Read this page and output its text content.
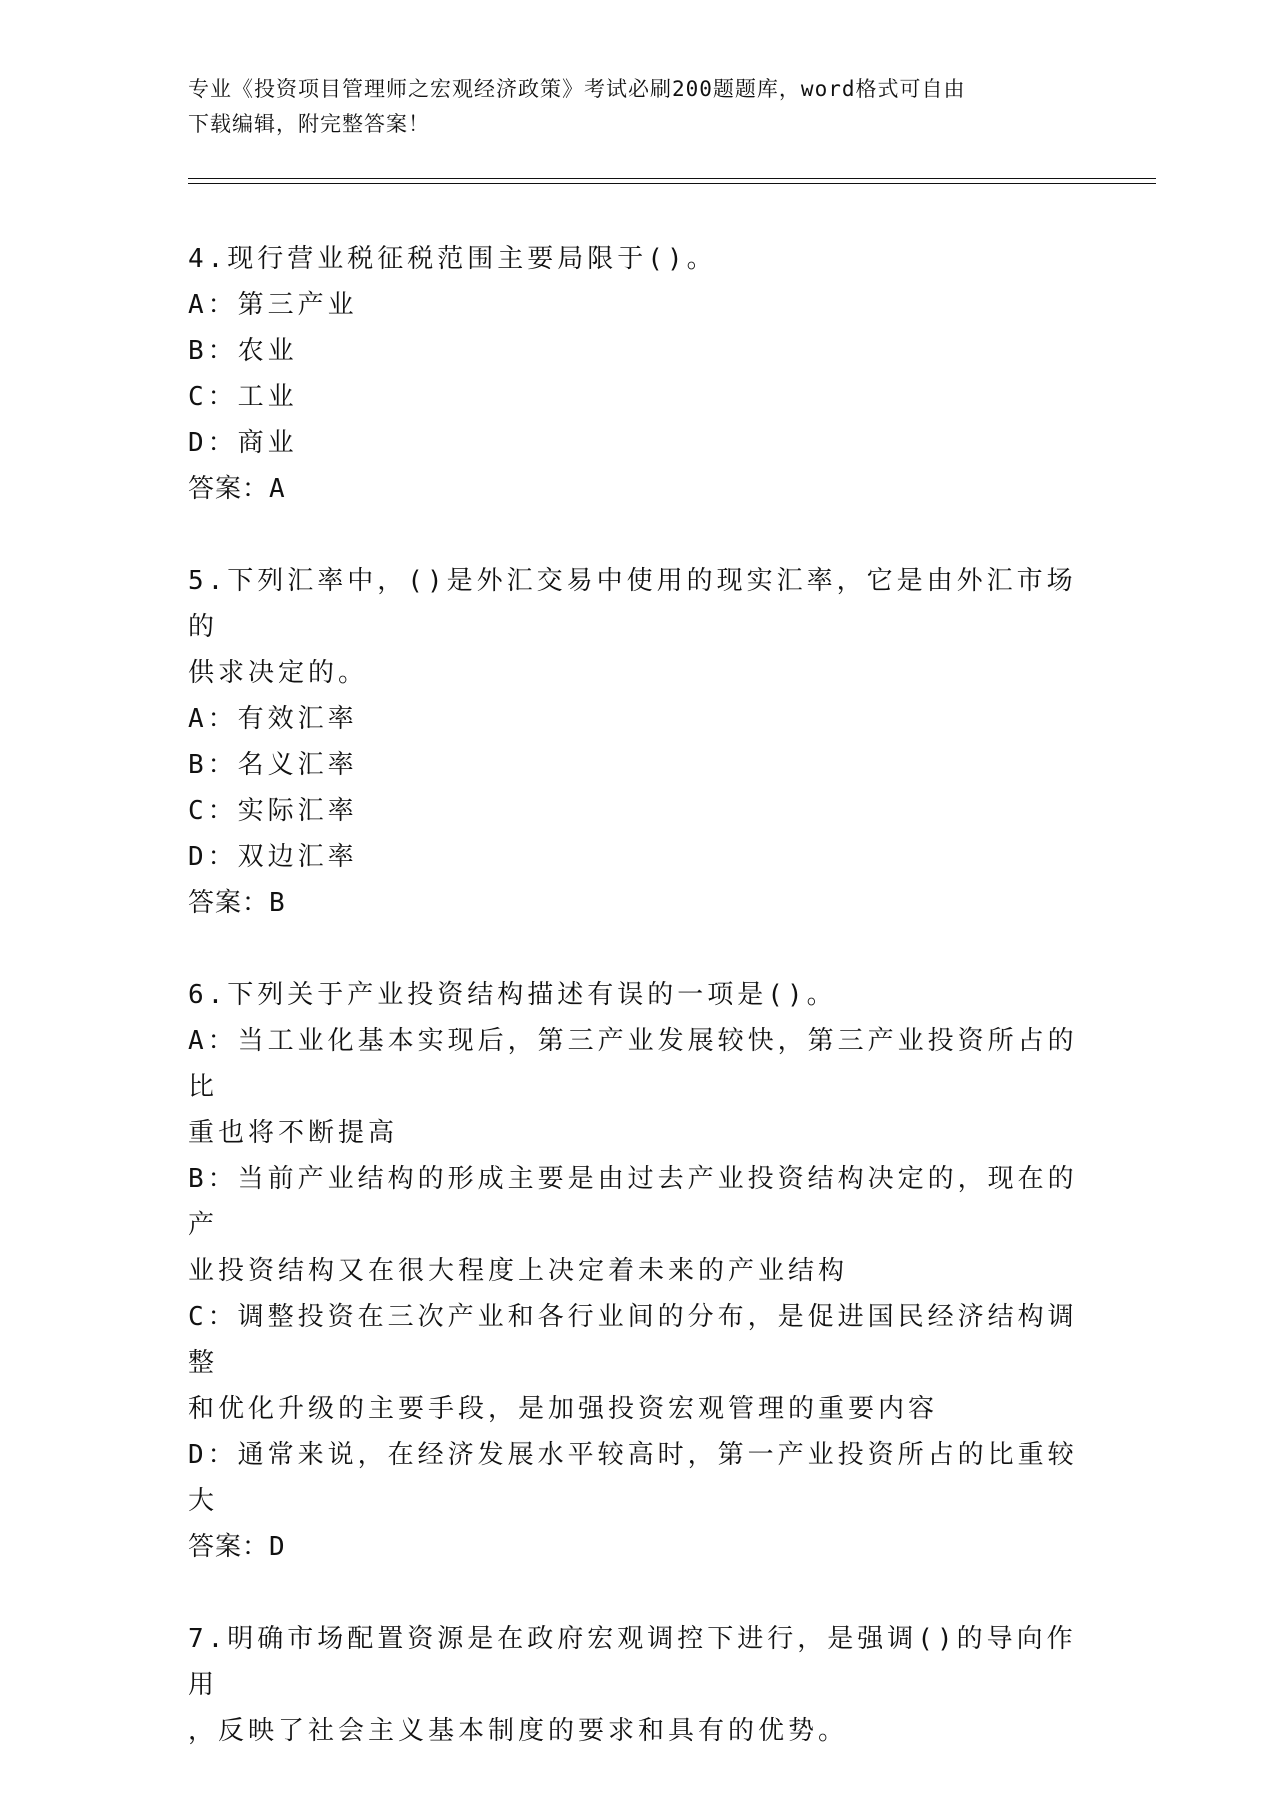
专业《投资项目管理师之宏观经济政策》考试必刷200题题库，word格式可自由
下载编辑，附完整答案！
4.现行营业税征税范围主要局限于()。
A：第三产业
B：农业
C：工业
D：商业
答案：A
5.下列汇率中，()是外汇交易中使用的现实汇率，它是由外汇市场的
供求决定的。
A：有效汇率
B：名义汇率
C：实际汇率
D：双边汇率
答案：B
6.下列关于产业投资结构描述有误的一项是()。
A：当工业化基本实现后，第三产业发展较快，第三产业投资所占的比
重也将不断提高
B：当前产业结构的形成主要是由过去产业投资结构决定的，现在的产
业投资结构又在很大程度上决定着未来的产业结构
C：调整投资在三次产业和各行业间的分布，是促进国民经济结构调整
和优化升级的主要手段，是加强投资宏观管理的重要内容
D：通常来说，在经济发展水平较高时，第一产业投资所占的比重较大
答案：D
7.明确市场配置资源是在政府宏观调控下进行，是强调()的导向作用
，反映了社会主义基本制度的要求和具有的优势。
